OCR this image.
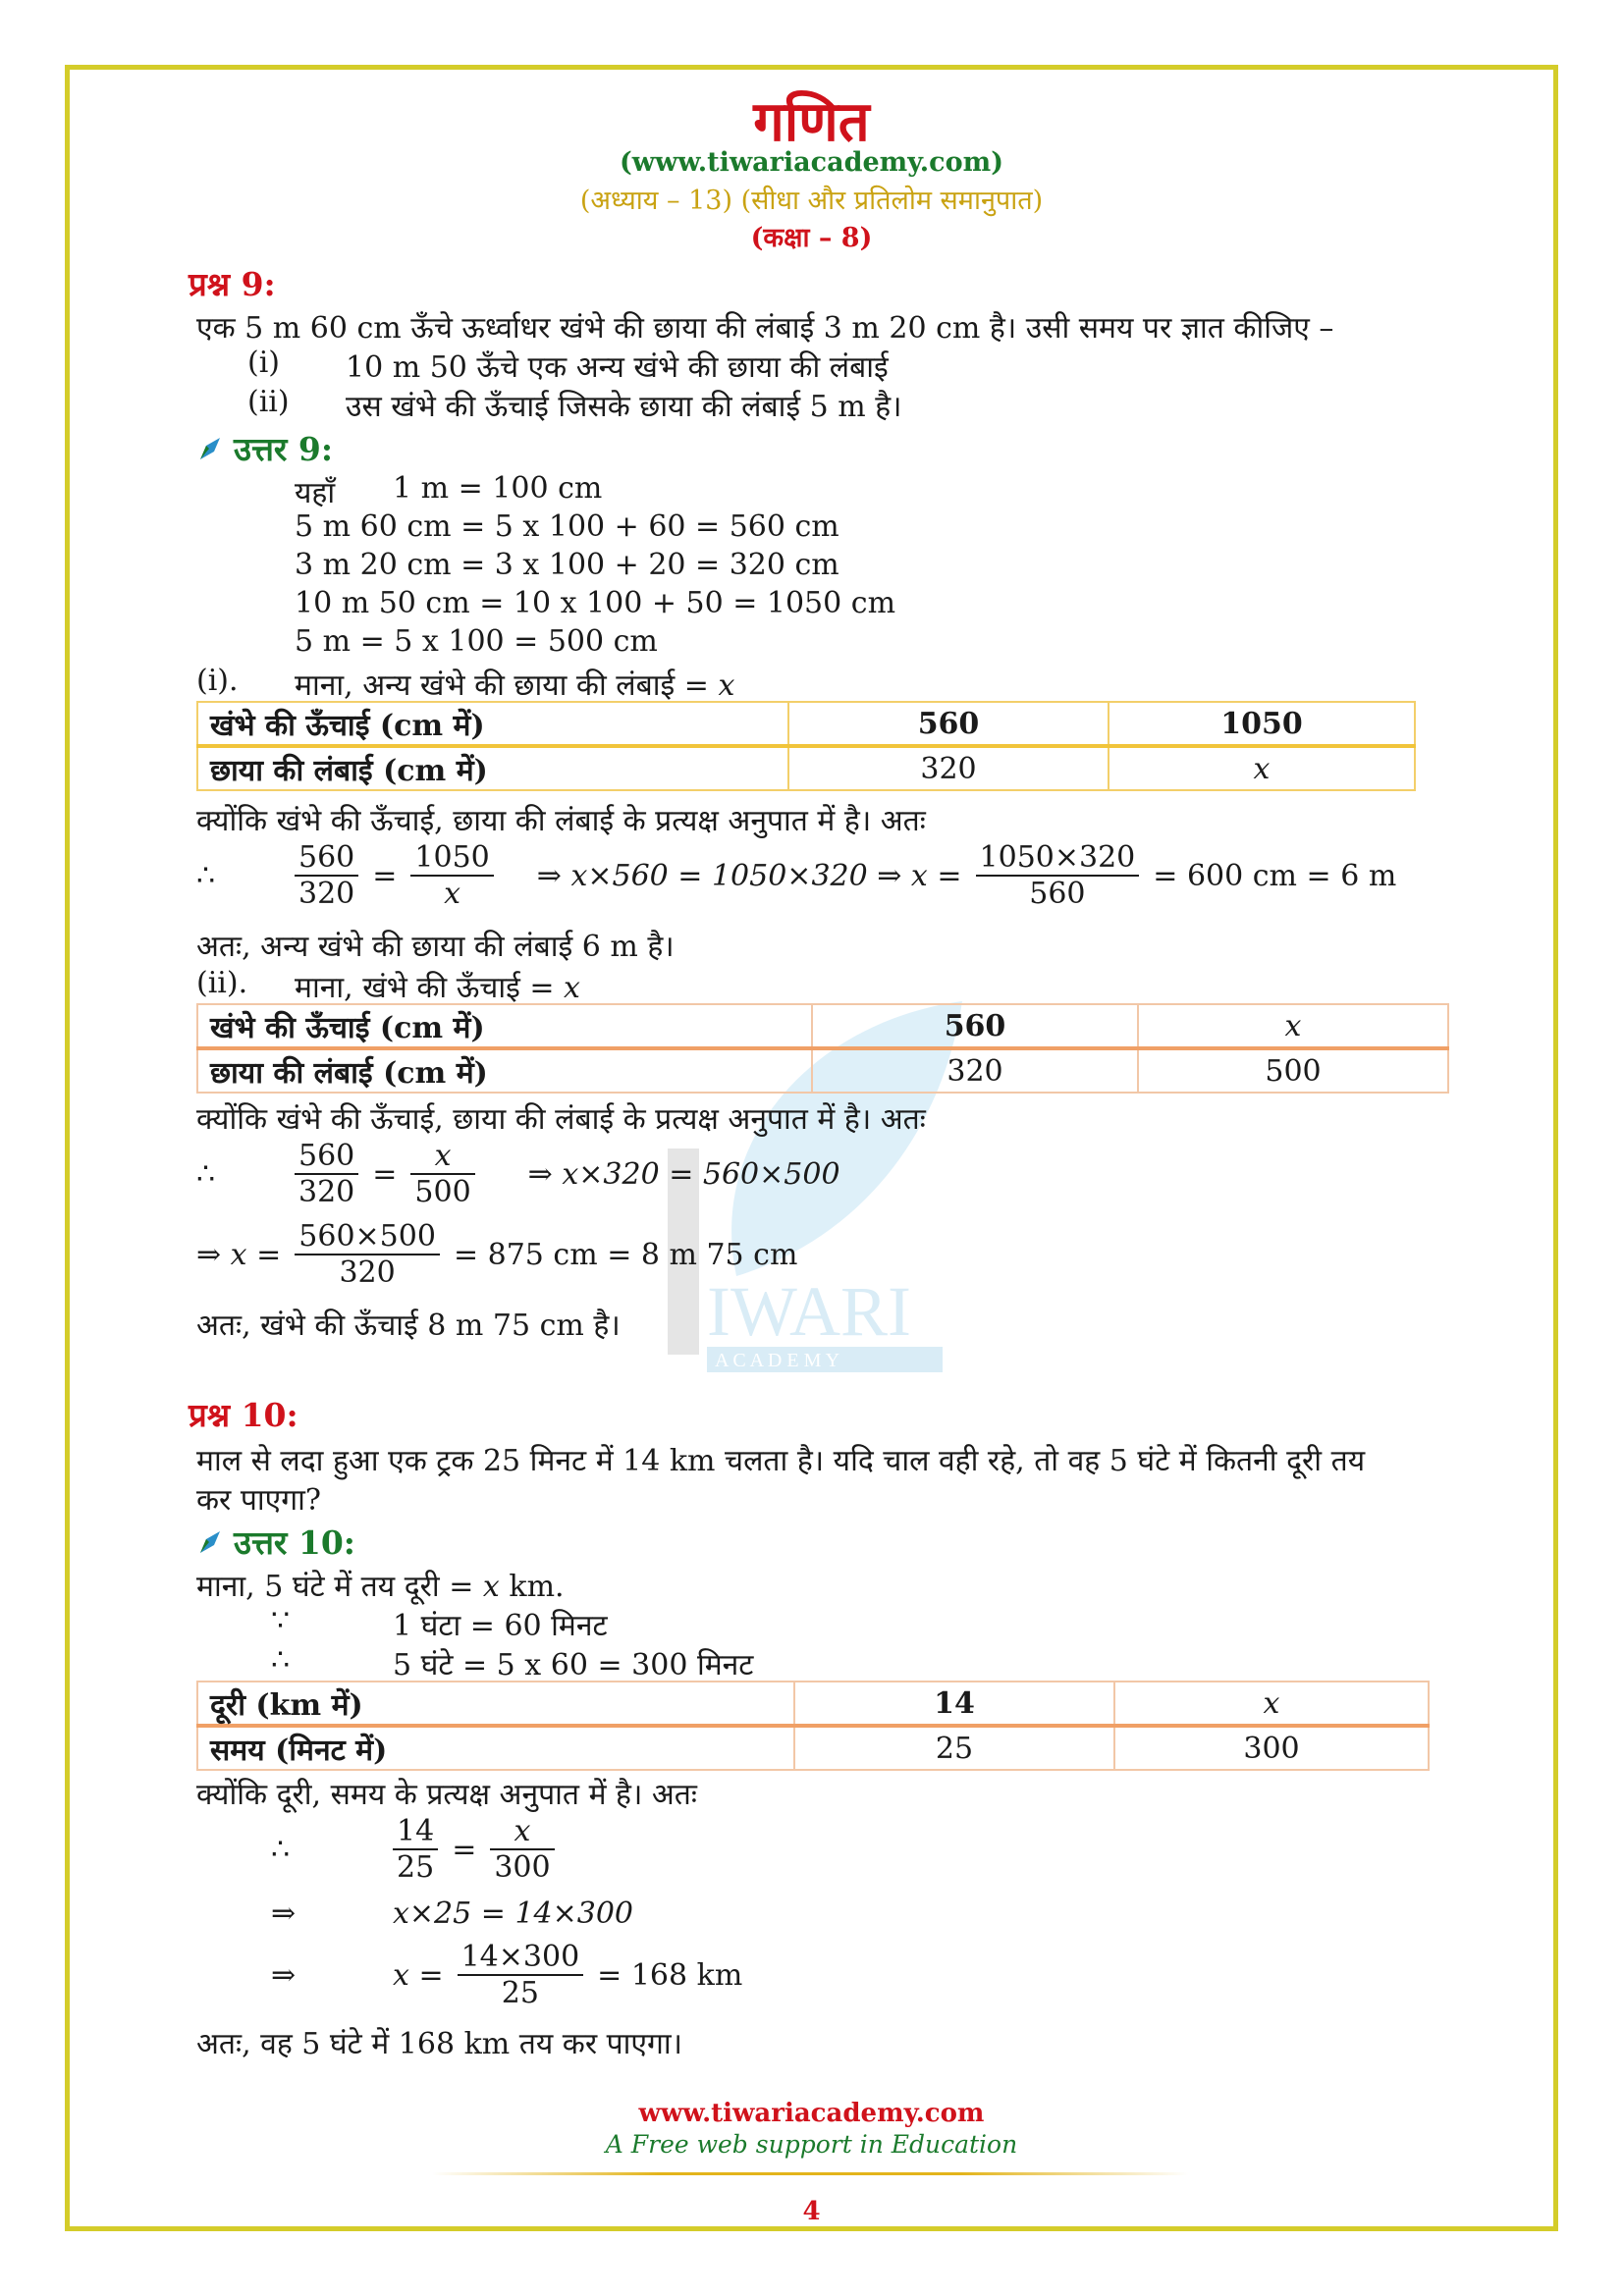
IWARI
A C A D E M Y
गणित
(www.tiwariacademy.com)
(अध्याय – 13) (सीधा और प्रतिलोम समानुपात)
(कक्षा – 8)
प्रश्न 9:
एक 5 m 60 cm ऊँचे ऊर्ध्वाधर खंभे की छाया की लंबाई 3 m 20 cm है। उसी समय पर ज्ञात कीजिए –
(i) 10 m 50 ऊँचे एक अन्य खंभे की छाया की लंबाई
(ii) उस खंभे की ऊँचाई जिसके छाया की लंबाई 5 m है।
उत्तर 9:
यहाँ 1 m = 100 cm
5 m 60 cm = 5 x 100 + 60 = 560 cm
3 m 20 cm = 3 x 100 + 20 = 320 cm
10 m 50 cm = 10 x 100 + 50 = 1050 cm
5 m = 5 x 100 = 500 cm
(i). माना, अन्य खंभे की छाया की लंबाई = x
खंभे की ऊँचाई (cm में)	560	1050
छाया की लंबाई (cm में)	320	x
क्योंकि खंभे की ऊँचाई, छाया की लंबाई के प्रत्यक्ष अनुपात में है। अतः
∴	$\frac{560}{320} = \frac{1050}{x}$ ⇒ x×560 = 1050×320 ⇒ $x = \frac{1050\times 320}{560} = 600$ cm = 6 m
अतः, अन्य खंभे की छाया की लंबाई 6 m है।
(ii). माना, खंभे की ऊँचाई = x
खंभे की ऊँचाई (cm में)	560	x
छाया की लंबाई (cm में)	320	500
क्योंकि खंभे की ऊँचाई, छाया की लंबाई के प्रत्यक्ष अनुपात में है। अतः
∴	$\frac{560}{320} = \frac{x}{500}$ ⇒ x×320 = 560×500
⇒ $x = \frac{560\times 500}{320} = 875$ cm = 8 m 75 cm
अतः, खंभे की ऊँचाई 8 m 75 cm है।
प्रश्न 10:
माल से लदा हुआ एक ट्रक 25 मिनट में 14 km चलता है। यदि चाल वही रहे, तो वह 5 घंटे में कितनी दूरी तय
कर पाएगा?
उत्तर 10:
माना, 5 घंटे में तय दूरी = x km.
∵	1 घंटा = 60 मिनट
∴	5 घंटे = 5 x 60 = 300 मिनट
दूरी (km में)	14	x
समय (मिनट में)	25	300
क्योंकि दूरी, समय के प्रत्यक्ष अनुपात में है। अतः
∴	$\frac{14}{25} = \frac{x}{300}$
⇒	x×25 = 14×300
⇒	$x = \frac{14\times 300}{25} = 168$ km
अतः, वह 5 घंटे में 168 km तय कर पाएगा।
www.tiwariacademy.com
A Free web support in Education
4
